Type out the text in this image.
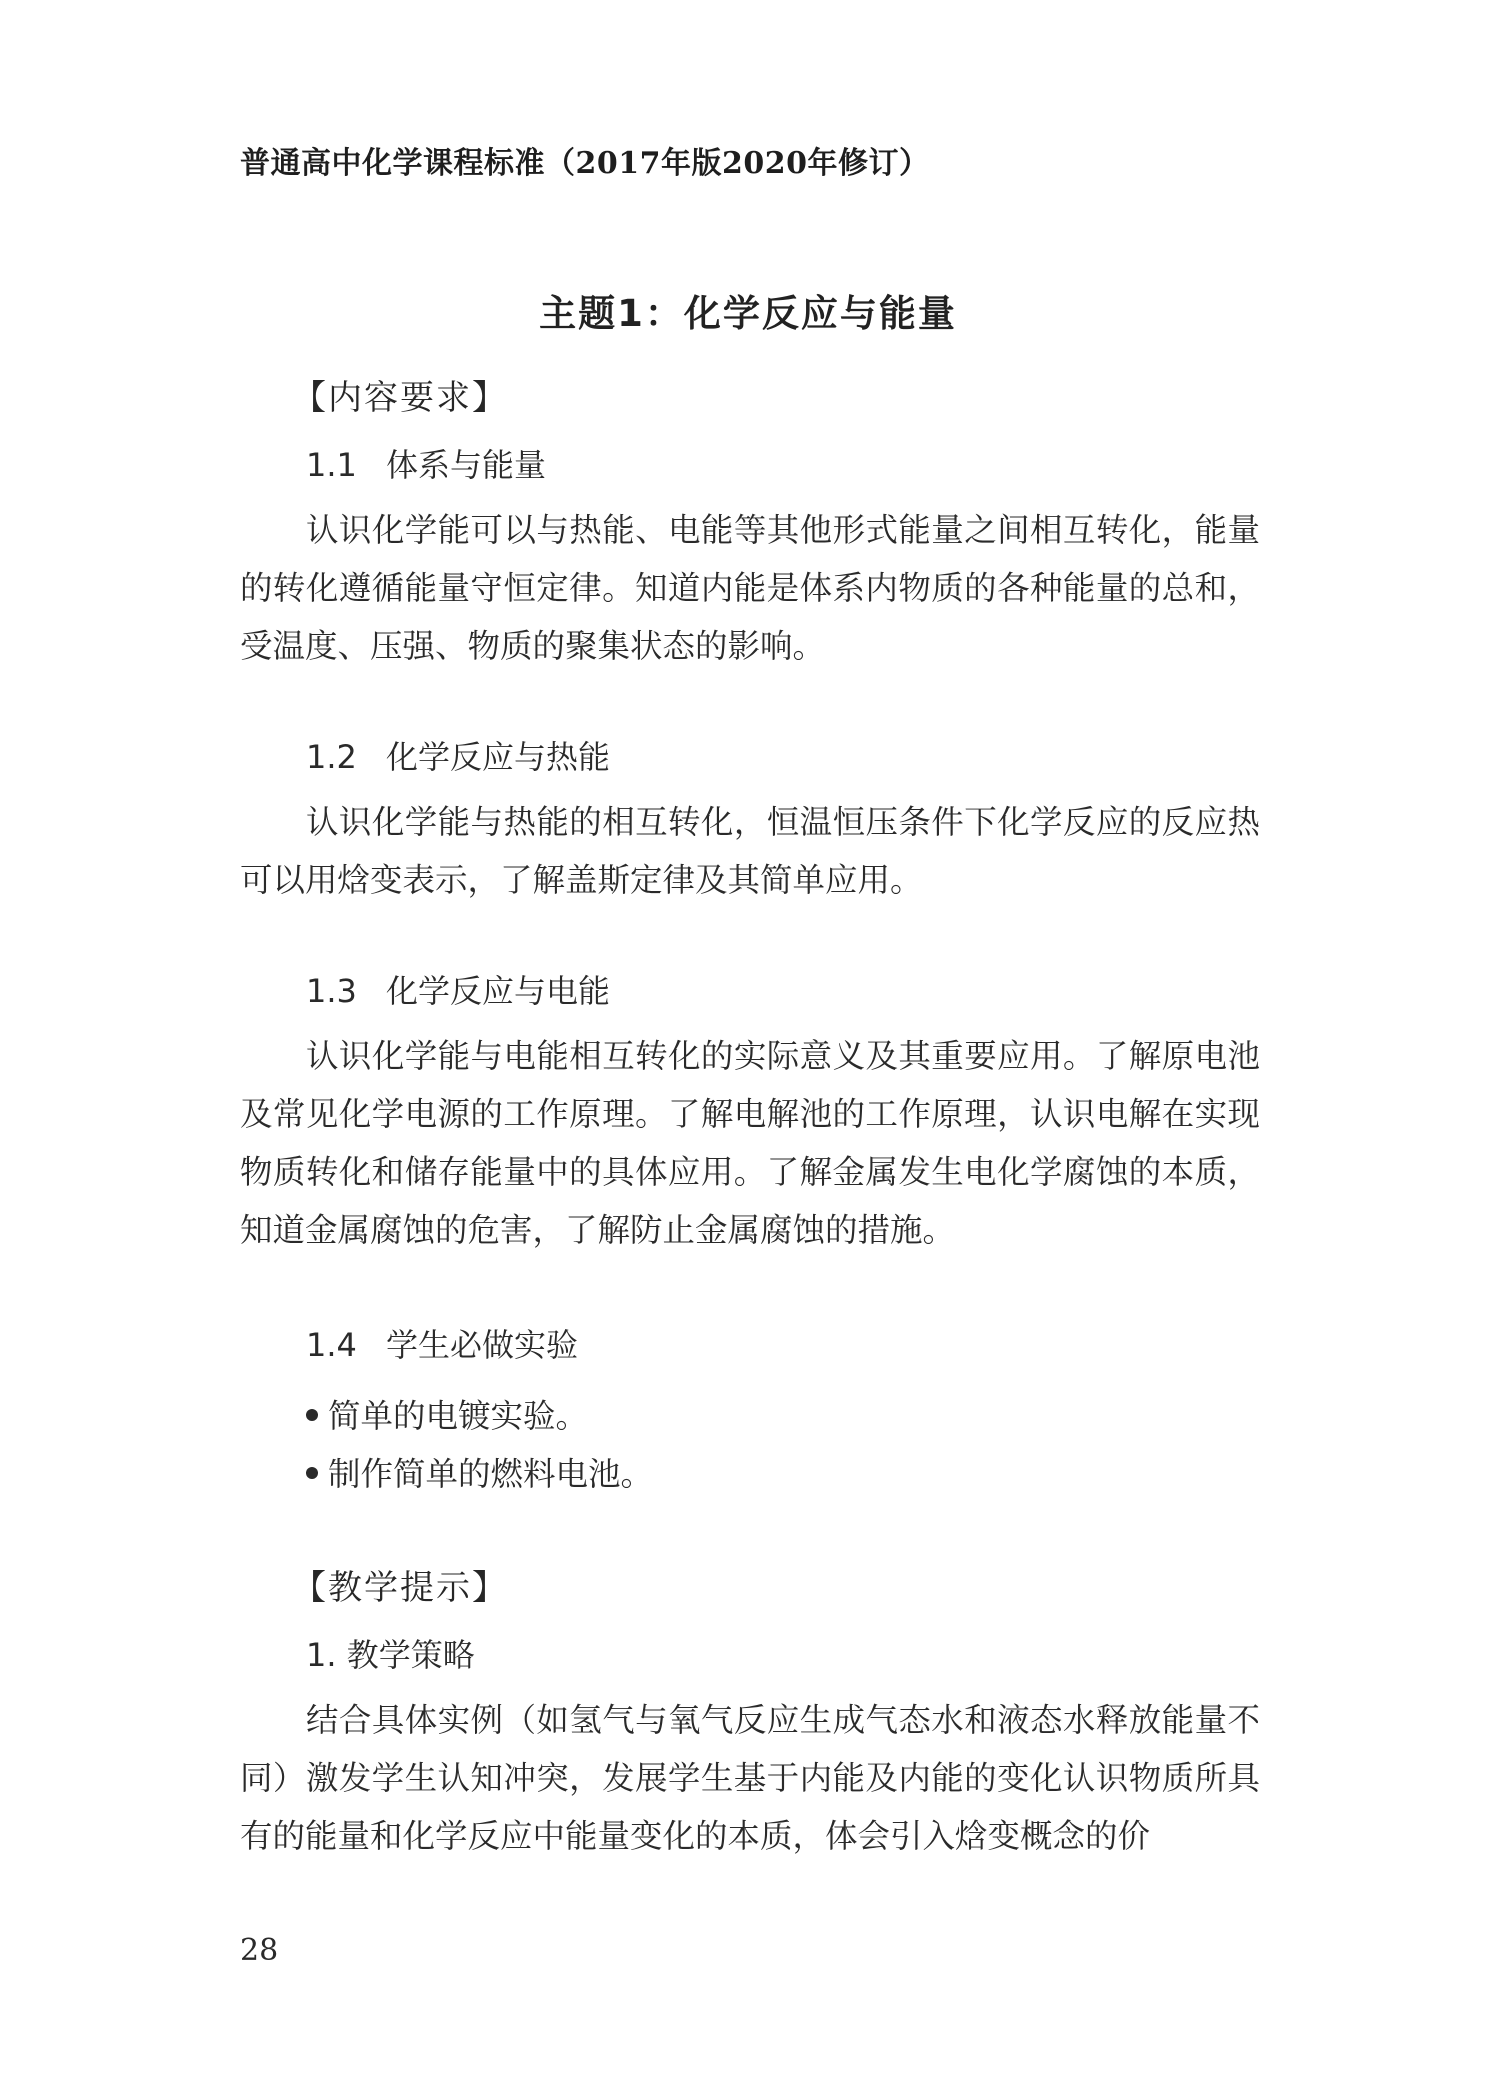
普通高中化学课程标准（2017年版2020年修订）
主题1：化学反应与能量
【内容要求】
1.1 体系与能量

认识化学能可以与热能、电能等其他形式能量之间相互转化，能量的转化遵循能量守恒定律。知道内能是体系内物质的各种能量的总和，受温度、压强、物质的聚集状态的影响。

1.2 化学反应与热能

认识化学能与热能的相互转化，恒温恒压条件下化学反应的反应热可以用焓变表示，了解盖斯定律及其简单应用。

1.3 化学反应与电能

认识化学能与电能相互转化的实际意义及其重要应用。了解原电池及常见化学电源的工作原理。了解电解池的工作原理，认识电解在实现物质转化和储存能量中的具体应用。了解金属发生电化学腐蚀的本质，知道金属腐蚀的危害，了解防止金属腐蚀的措施。

1.4 学生必做实验
简单的电镀实验。
制作简单的燃料电池。
【教学提示】
1. 教学策略

结合具体实例（如氢气与氧气反应生成气态水和液态水释放能量不同）激发学生认知冲突，发展学生基于内能及内能的变化认识物质所具有的能量和化学反应中能量变化的本质，体会引入焓变概念的价

28
